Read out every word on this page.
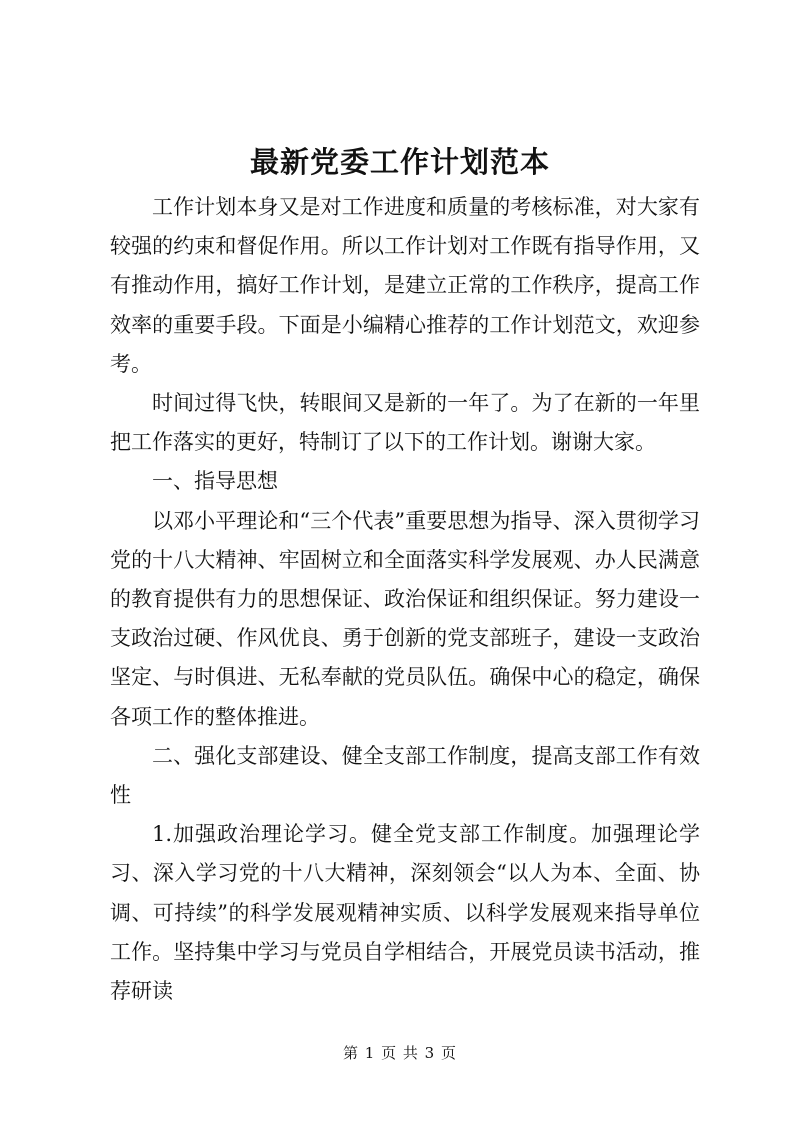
最新党委工作计划范本

工作计划本身又是对工作进度和质量的考核标准，对大家有较强的约束和督促作用。所以工作计划对工作既有指导作用，又有推动作用，搞好工作计划，是建立正常的工作秩序，提高工作效率的重要手段。下面是小编精心推荐的工作计划范文，欢迎参考。

时间过得飞快，转眼间又是新的一年了。为了在新的一年里把工作落实的更好，特制订了以下的工作计划。谢谢大家。

一、指导思想

以邓小平理论和“三个代表”重要思想为指导、深入贯彻学习党的十八大精神、牢固树立和全面落实科学发展观、办人民满意的教育提供有力的思想保证、政治保证和组织保证。努力建设一支政治过硬、作风优良、勇于创新的党支部班子，建设一支政治坚定、与时俱进、无私奉献的党员队伍。确保中心的稳定，确保各项工作的整体推进。

二、强化支部建设、健全支部工作制度，提高支部工作有效性

1.加强政治理论学习。健全党支部工作制度。加强理论学习、深入学习党的十八大精神，深刻领会“以人为本、全面、协调、可持续”的科学发展观精神实质、以科学发展观来指导单位工作。坚持集中学习与党员自学相结合，开展党员读书活动，推荐研读

第 1 页 共 3 页
